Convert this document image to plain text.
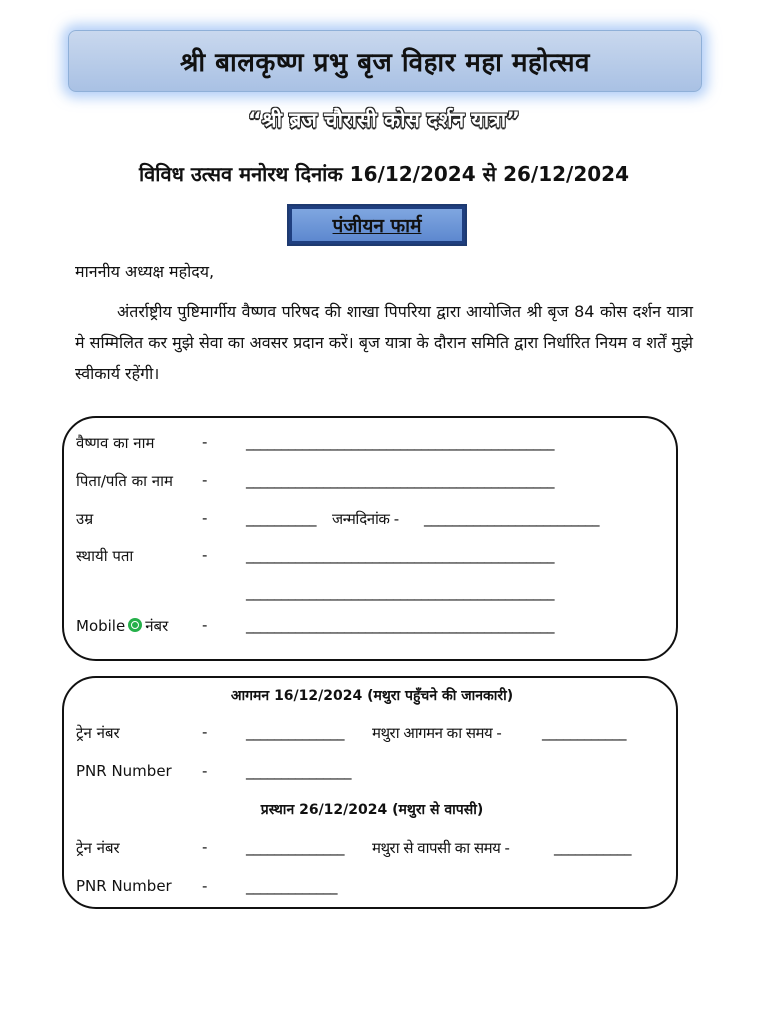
श्री बालकृष्ण प्रभु बृज विहार महा महोत्सव
“श्री ब्रज चौरासी कोस दर्शन यात्रा”
विविध उत्सव मनोरथ दिनांक 16/12/2024 से 26/12/2024
पंजीयन फार्म
माननीय अध्यक्ष महोदय,
अंतर्राष्ट्रीय पुष्टिमार्गीय वैष्णव परिषद की शाखा पिपरिया द्वारा आयोजित श्री बृज 84 कोस दर्शन यात्रा मे सम्मिलित कर मुझे सेवा का अवसर प्रदान करें। बृज यात्रा के दौरान समिति द्वारा निर्धारित नियम व शर्तें मुझे स्वीकार्य रहेंगी।
वैष्णव का नाम	-	____________________________________________
पिता/पति का नाम -	____________________________________________
उम्र	-	__________ जन्मदिनांक - _________________________
स्थायी पता	-	____________________________________________
____________________________________________
Mobile नंबर -	____________________________________________
आगमन 16/12/2024 (मथुरा पहुँचने की जानकारी)
ट्रेन नंबर	-	______________ मथुरा आगमन का समय -	____________
PNR Number -	_______________
प्रस्थान 26/12/2024 (मथुरा से वापसी)
ट्रेन नंबर	-	______________ मथुरा से वापसी का समय -	___________
PNR Number -	_____________
